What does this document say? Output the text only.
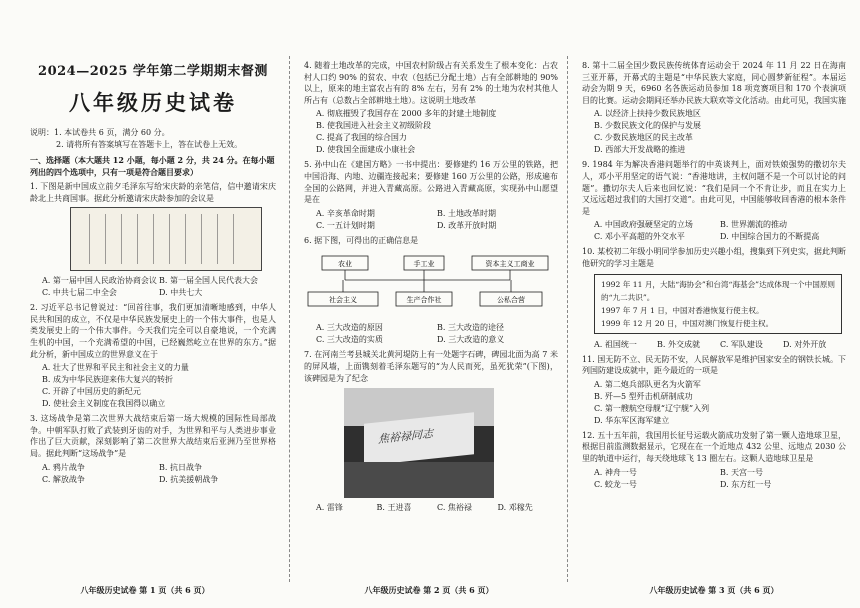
2024—2025 学年第二学期期末督测
八年级历史试卷

说明：1. 本试卷共 6 页，满分 60 分。

2. 请将所有答案填写在答题卡上，答在试卷上无效。

一、选择题（本大题共 12 小题，每小题 2 分，共 24 分。在每小题列出的四个选项中，只有一项是符合题目要求）

1. 下图是新中国成立前夕毛泽东写给宋庆龄的亲笔信，信中邀请宋庆龄北上共商国事。据此分析邀请宋庆龄参加的会议是

A. 第一届中国人民政治协商会议 B. 第一届全国人民代表大会
C. 中共七届二中全会	D. 中共七大

2. 习近平总书记曾说过：“回首往事，我们更加清晰地感到，中华人民共和国的成立，不仅是中华民族发展史上的一个伟大事件，也是人类发展史上的一个伟大事件。今天我们完全可以自豪地说，一个充满生机的中国，一个充满希望的中国，已经巍然屹立在世界的东方。”据此分析，新中国成立的世界意义在于

A. 壮大了世界和平民主和社会主义的力量
B. 成为中华民族迎来伟大复兴的转折
C. 开辟了中国历史的新纪元
D. 使社会主义制度在我国得以确立

3. 这场战争是第二次世界大战结束后第一场大规模的国际性局部战争。中朝军队打败了武装到牙齿的对手，为世界和平与人类进步事业作出了巨大贡献，深刻影响了第二次世界大战结束后亚洲乃至世界格局。据此判断“这场战争”是

A. 鸦片战争	B. 抗日战争
C. 解放战争	D. 抗美援朝战争
八年级历史试卷 第 1 页（共 6 页）

4. 随着土地改革的完成，中国农村阶级占有关系发生了根本变化：占农村人口约 90% 的贫农、中农（包括已分配土地）占有全部耕地的 90% 以上，原来的地主富农占有的 8% 左右，另有 2% 的土地为农村其他人所占有（总数占全部耕地土地）。这说明土地改革

A. 彻底摧毁了我国存在 2000 多年的封建土地制度
B. 使我国进入社会主义初级阶段
C. 提高了我国的综合国力
D. 使我国全面建成小康社会

5. 孙中山在《建国方略》一书中提出：要修建约 16 万公里的铁路，把中国沿海、内地、边疆连接起来；要修建 160 万公里的公路，形成遍布全国的公路网，并进入青藏高原。公路进入青藏高原，实现孙中山愿望是在

A. 辛亥革命时期	B. 土地改革时期
C. 一五计划时期	D. 改革开放时期

6. 据下图，可得出的正确信息是

农业	手工业	资本主义工商业
社会主义	生产合作社	公私合营
A. 三大改造的原因	B. 三大改造的途径
C. 三大改造的实质	D. 三大改造的意义

7. 在河南兰考县城关北黄河堤防上有一处题字石碑，碑园北面为高 7 米的屏风墙，上面镌刻着毛泽东题写的“为人民而死，虽死犹荣”(下图)，该碑园是为了纪念

焦裕禄同志
A. 雷锋	B. 王进喜	C. 焦裕禄	D. 邓稼先
八年级历史试卷 第 2 页（共 6 页）

8. 第十二届全国少数民族传统体育运动会于 2024 年 11 月 22 日在海南三亚开幕，开幕式的主题是“中华民族大家庭，同心圆梦新征程”。本届运动会为期 9 天，6960 名各族运动员参加 18 项竞赛项目和 170 个表演项目的比赛。运动会期间还举办民族大联欢等文化活动。由此可见，我国实施

A. 以经济上扶持少数民族地区
B. 少数民族文化的保护与发展
C. 少数民族地区的民主改革
D. 西部大开发战略的推进

9. 1984 年为解决香港问题举行的中英谈判上，面对铁娘强势的撒切尔夫人，邓小平用坚定的语气说：“香港地讲，主权问题不是一个可以讨论的问题”。撒切尔夫人后来也回忆说：“我们是同一个不肯让步，而且在实力上又远远超过我们的大国打交道”。由此可见，中国能够收回香港的根本条件是

A. 中国政府强硬坚定的立场	B. 世界潮流的推动
C. 邓小平高超的外交水平	D. 中国综合国力的不断提高

10. 某校初二年级小明同学参加历史兴趣小组，搜集到下列史实，据此判断他研究的学习主题是

1992 年 11 月，大陆“海协会”和台湾“海基会”达成体现一个中国原则的“九二共识”。
1997 年 7 月 1 日，中国对香港恢复行使主权。
1999 年 12 月 20 日，中国对澳门恢复行使主权。
A. 祖国统一	B. 外交成就	C. 军队建设	D. 对外开放

11. 国无防不立、民无防不安，人民解放军是维护国家安全的钢铁长城。下列国防建设成就中，距今最近的一项是

A. 第二炮兵部队更名为火箭军
B. 歼—5 型歼击机研制成功
C. 第一艘航空母舰“辽宁舰”入列
D. 华东军区海军建立

12. 五十五年前，我国用长征号运载火箭成功发射了第一颗人造地球卫星，根据目前监测数据显示，它现在在一个近地点 432 公里、远地点 2030 公里的轨道中运行，每天绕地球飞 13 圈左右。这颗人造地球卫星是

A. 神舟一号	B. 天宫一号
C. 蛟龙一号	D. 东方红一号
八年级历史试卷 第 3 页（共 6 页）
